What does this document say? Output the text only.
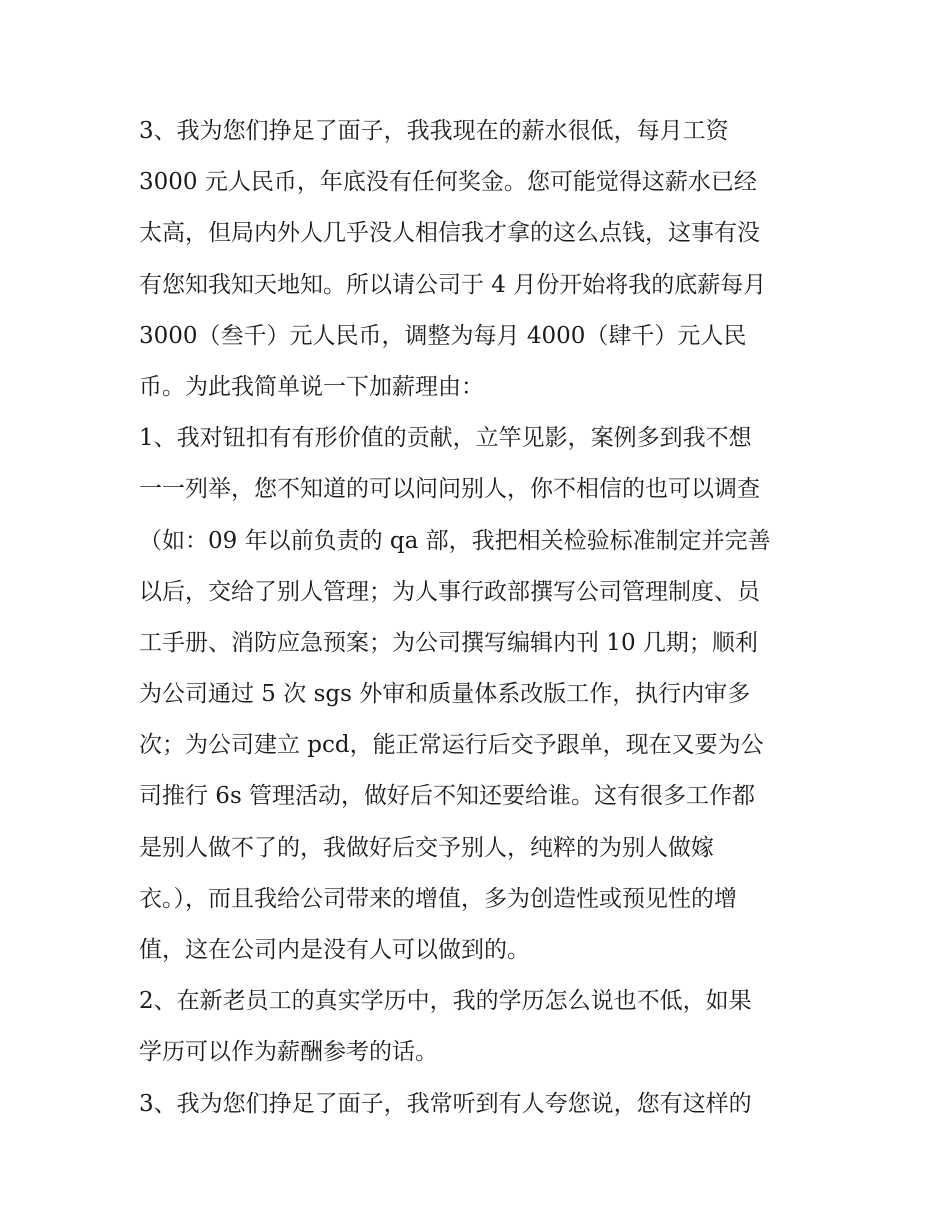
3、我为您们挣足了面子，我我现在的薪水很低，每月工资
3000 元人民币，年底没有任何奖金。您可能觉得这薪水已经
太高，但局内外人几乎没人相信我才拿的这么点钱，这事有没
有您知我知天地知。所以请公司于 4 月份开始将我的底薪每月
3000（叁千）元人民币，调整为每月 4000（肆千）元人民
币。为此我简单说一下加薪理由：
1、我对钮扣有有形价值的贡献，立竿见影，案例多到我不想
一一列举，您不知道的可以问问别人，你不相信的也可以调查
（如：09 年以前负责的 qa 部，我把相关检验标准制定并完善
以后，交给了别人管理；为人事行政部撰写公司管理制度、员
工手册、消防应急预案；为公司撰写编辑内刊 10 几期；顺利
为公司通过 5 次 sgs 外审和质量体系改版工作，执行内审多
次；为公司建立 pcd，能正常运行后交予跟单，现在又要为公
司推行 6s 管理活动，做好后不知还要给谁。这有很多工作都
是别人做不了的，我做好后交予别人，纯粹的为别人做嫁
衣。），而且我给公司带来的增值，多为创造性或预见性的增
值，这在公司内是没有人可以做到的。
2、在新老员工的真实学历中，我的学历怎么说也不低，如果
学历可以作为薪酬参考的话。
3、我为您们挣足了面子，我常听到有人夸您说，您有这样的
